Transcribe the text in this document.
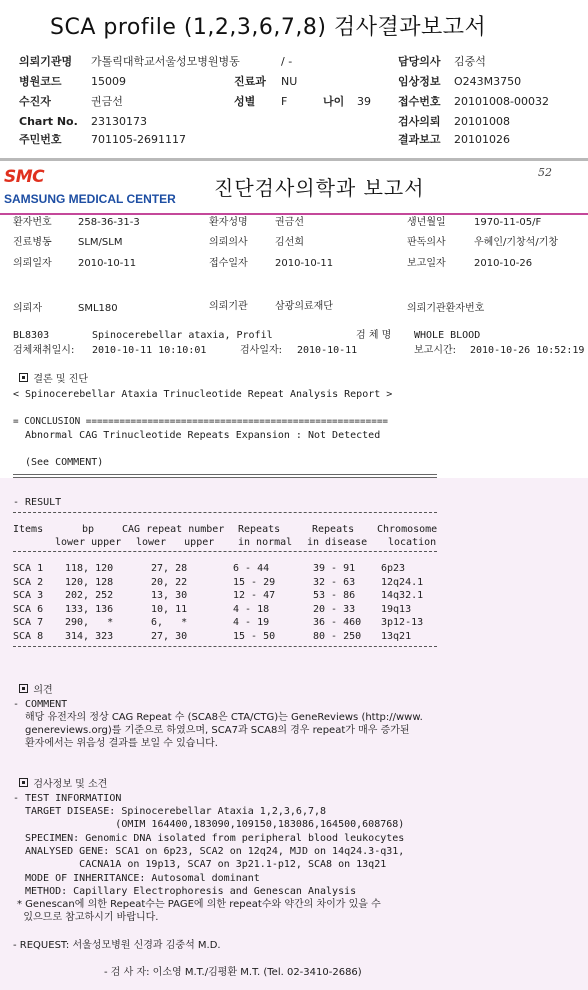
SCA profile (1,2,3,6,7,8) 검사결과보고서
의뢰기관명 가톨릭대학교서울성모병원병동	/ -	담당의사 김중석
병원코드	15009	진료과 NU	임상정보 O243M3750
수진자	권금선	성별 F	나이 39 접수번호 20101008-00032
Chart No. 23130173	검사의뢰 20101008
주민번호	701105-2691117	결과보고 20101026
SMC
SAMSUNG MEDICAL CENTER 진단검사의학과 보고서
52
환자번호	258-36-31-3	환자성명	권금선	생년월일	1970-11-05/F
진료병동	SLM/SLM	의뢰의사	김선희	판독의사	우혜인/기창석/기창
의뢰일자	2010-10-11	접수일자	2010-10-11	보고일자	2010-10-26
의뢰자	SML180	의뢰기관	삼광의료재단	의뢰기관환자번호
BL8303	Spinocerebellar ataxia, Profil	검 체 명 WHOLE BLOOD
검체채취일시: 2010-10-11 10:10:01	검사일자: 2010-10-11	보고시간: 2010-10-26 10:52:19

결론 및 진단

< Spinocerebellar Ataxia Trinucleotide Repeat Analysis Report >
= CONCLUSION ======================================================
Abnormal CAG Trinucleotide Repeats Expansion : Not Detected
(See COMMENT)
- RESULT
Items	bp	CAG repeat number Repeats	Repeats Chromosome
lower upper lower   upper in normal in disease location
SCA 1 118, 120	27, 28	6 - 44	39 - 91	6p23
SCA 2 120, 128	20, 22	15 - 29	32 - 63	12q24.1
SCA 3 202, 252	13, 30	12 - 47	53 - 86	14q32.1
SCA 6 133, 136	10, 11	4 - 18	20 - 33	19q13
SCA 7 290,   *	6,   *	4 - 19	36 - 460 3p12-13
SCA 8 314, 323	27, 30	15 - 50	80 - 250 13q21

의견

- COMMENT
해당 유전자의 정상 CAG Repeat 수 (SCA8은 CTA/CTG)는 GeneReviews (http://www.
genereviews.org)를 기준으로 하였으며, SCA7과 SCA8의 경우 repeat가 매우 증가된
환자에서는 위음성 결과를 보일 수 있습니다.

검사정보 및 소견

- TEST INFORMATION
TARGET DISEASE: Spinocerebellar Ataxia 1,2,3,6,7,8
(OMIM 164400,183090,109150,183086,164500,608768)
SPECIMEN: Genomic DNA isolated from peripheral blood leukocytes
ANALYSED GENE: SCA1 on 6p23, SCA2 on 12q24, MJD on 14q24.3-q31,
CACNA1A on 19p13, SCA7 on 3p21.1-p12, SCA8 on 13q21
MODE OF INHERITANCE: Autosomal dominant
METHOD: Capillary Electrophoresis and Genescan Analysis
* Genescan에 의한 Repeat수는 PAGE에 의한 repeat수와 약간의 차이가 있을 수
있으므로 참고하시기 바랍니다.
- REQUEST: 서울성모병원 신경과 김중석 M.D.
- 검 사 자: 이소영 M.T./김평환 M.T. (Tel. 02-3410-2686)
